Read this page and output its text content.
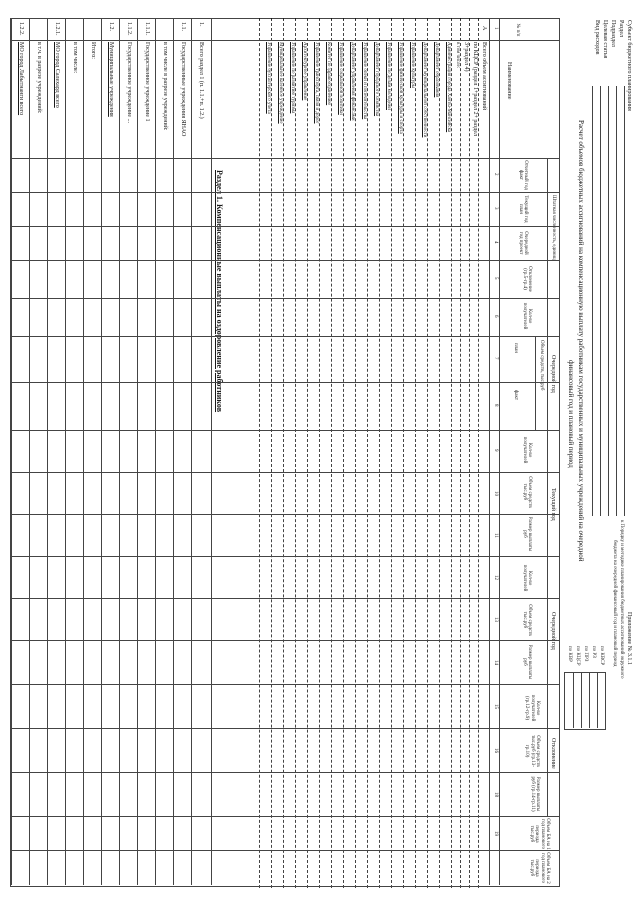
Приложение № 3.1.1
к Порядку и методике планирования бюджетных ассигнований окружного
бюджета на очередной финансовый год и плановый период
Субъект бюджетного планирования
Раздел
Подраздел
Целевая статья
Вид расходов
по КВСР
по РЗ
по ПРЗ
по КЦСР
по КВР
Расчет объемов бюджетных ассигнований на компенсационную выплату работникам государственных и муниципальных учреждений на очередной
финансовый год и плановый период
№ п/п
Наименование
Штатная численность, единиц
Отчетный год факт
Текущий год план
Очередной год проект
Отклонение (гр.5-гр.4)
Очередной год
Кол-во получателей
Объем средств, тыс.руб
план
факт
Текущий год
Кол-во получателей
Объем средств тыс.руб
Размер выплаты руб
Очередной год
Кол-во получателей
Объем средств тыс.руб
Размер выплаты руб
Отклонение
Кол-во получателей (гр.12-гр.9)
Объем средств тыс.руб (гр.13-гр.10)
Размер выплаты руб (гр.14-гр.11)
Объем БА на 1 год планового периода тыс.руб
Объем БА на 2 год планового периода тыс.руб
1
2
3
4
5
6
7
8
9
10
11
12
13
14
15
16
18
19
А
Всего объем ассигнований
по КЦСР (раздел 1+раздел 2+ раздел
3+раздел 4)
в том числе:
Администрация города Ханты-Мансийска
Департамент образования
Департамент муниципальной собственности
Управление культуры
Управление физической культуры и спорта
Управление по делам молодежи
Департамент городского хозяйства
Управление опеки и попечительства
Департамент управления финансами
Управление социальной политики
Комитет по здравоохранению
Управление транспорта, связи и дорог
Архитектурное управление
Управление по развитию туризма
Муниципальное казенное учреждение
Управление бухгалтерского учета
1.
Всего раздел 1 (п. 1.1.+п. 1.2.)
1.1.
Государственные учреждения ЯНАО
в том числе в разрезе учреждений:
1.1.1.
Государственное учреждение 1
1.1.2.
Государственное учреждение ...
1.2.
Муниципальные учреждения
Итого:
в том числе:
1.2.1.
МО город Салехард всего
в т.ч. в разрезе учреждений:
1.2.2.
МО город Лабытнанги всего
Раздел 1. Компенсационные выплаты на оздоровление работников
